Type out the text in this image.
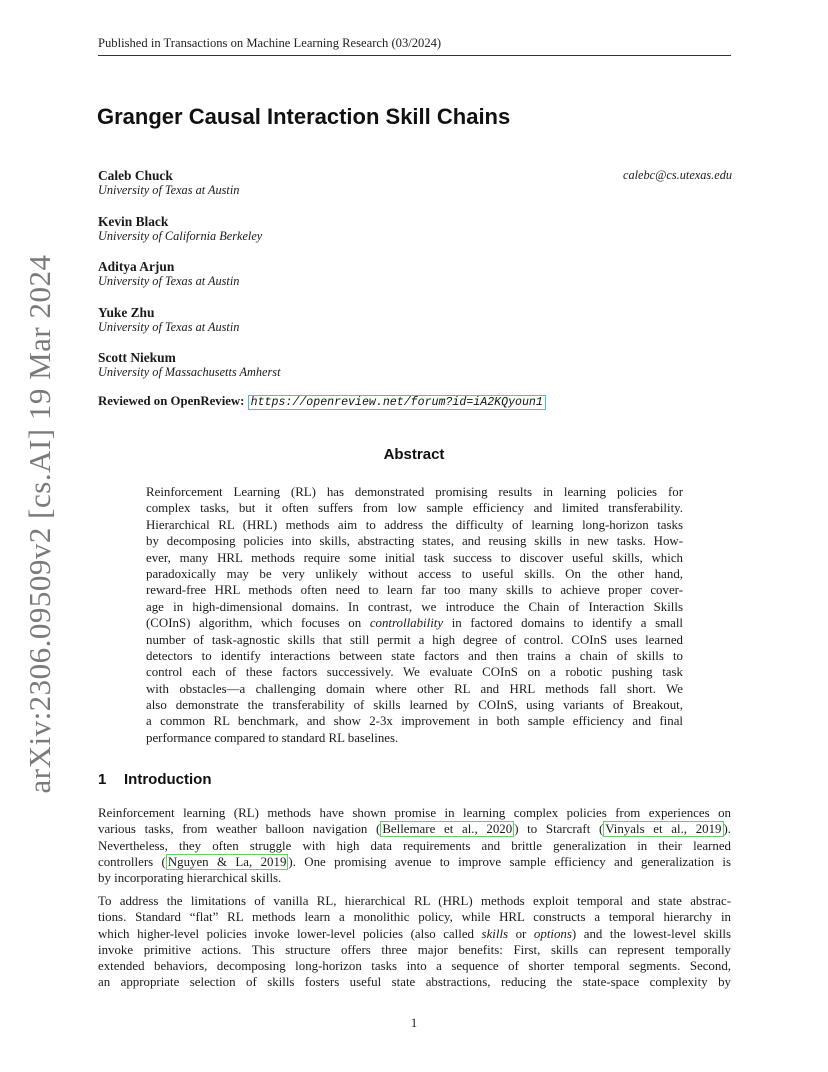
Published in Transactions on Machine Learning Research (03/2024)
arXiv:2306.09509v2 [cs.AI] 19 Mar 2024
Granger Causal Interaction Skill Chains
Caleb Chuck
University of Texas at Austin
calebc@cs.utexas.edu
Kevin Black
University of California Berkeley
Aditya Arjun
University of Texas at Austin
Yuke Zhu
University of Texas at Austin
Scott Niekum
University of Massachusetts Amherst
Reviewed on OpenReview: https://openreview.net/forum?id=iA2KQyoun1
Abstract
Reinforcement Learning (RL) has demonstrated promising results in learning policies for
complex tasks, but it often suffers from low sample efficiency and limited transferability.
Hierarchical RL (HRL) methods aim to address the difficulty of learning long-horizon tasks
by decomposing policies into skills, abstracting states, and reusing skills in new tasks. How-
ever, many HRL methods require some initial task success to discover useful skills, which
paradoxically may be very unlikely without access to useful skills. On the other hand,
reward-free HRL methods often need to learn far too many skills to achieve proper cover-
age in high-dimensional domains. In contrast, we introduce the Chain of Interaction Skills
(COInS) algorithm, which focuses on controllability in factored domains to identify a small
number of task-agnostic skills that still permit a high degree of control. COInS uses learned
detectors to identify interactions between state factors and then trains a chain of skills to
control each of these factors successively. We evaluate COInS on a robotic pushing task
with obstacles—a challenging domain where other RL and HRL methods fall short. We
also demonstrate the transferability of skills learned by COInS, using variants of Breakout,
a common RL benchmark, and show 2-3x improvement in both sample efficiency and final
performance compared to standard RL baselines.
1 Introduction
Reinforcement learning (RL) methods have shown promise in learning complex policies from experiences on
various tasks, from weather balloon navigation ( Bellemare et al., 2020 ) to Starcraft ( Vinyals et al., 2019 ).
Nevertheless, they often struggle with high data requirements and brittle generalization in their learned
controllers ( Nguyen & La, 2019 ). One promising avenue to improve sample efficiency and generalization is
by incorporating hierarchical skills.
To address the limitations of vanilla RL, hierarchical RL (HRL) methods exploit temporal and state abstrac-
tions. Standard “flat” RL methods learn a monolithic policy, while HRL constructs a temporal hierarchy in
which higher-level policies invoke lower-level policies (also called skills or options) and the lowest-level skills
invoke primitive actions. This structure offers three major benefits: First, skills can represent temporally
extended behaviors, decomposing long-horizon tasks into a sequence of shorter temporal segments. Second,
an appropriate selection of skills fosters useful state abstractions, reducing the state-space complexity by
1
